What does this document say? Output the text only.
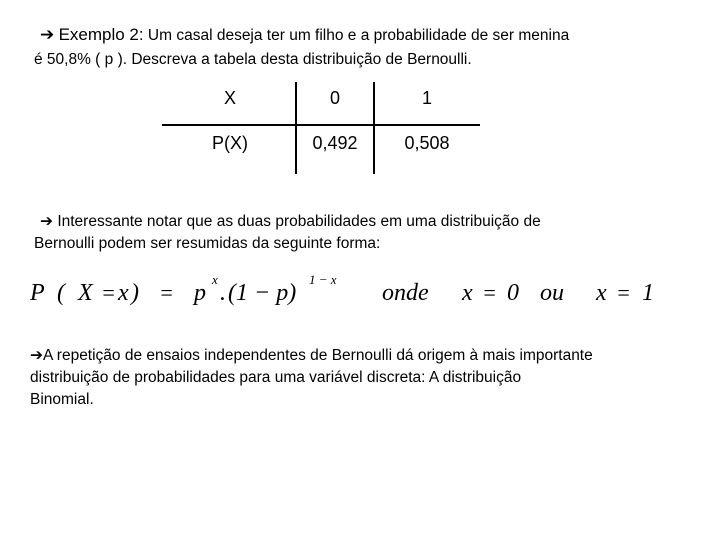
➔ Exemplo 2: Um casal deseja ter um filho e a probabilidade de ser menina
é 50,8% ( p ). Descreva a tabela desta distribuição de Bernoulli.
X	0	1
P(X)	0,492	0,508
➔ Interessante notar que as duas probabilidades em uma distribuição de
Bernoulli podem ser resumidas da seguinte forma:
P ( X = x ) = p
x
. (1 − p)
1 − x
onde x = 0 ou x = 1
➔A repetição de ensaios independentes de Bernoulli dá origem à mais importante
distribuição de probabilidades para uma variável discreta: A distribuição
Binomial.
